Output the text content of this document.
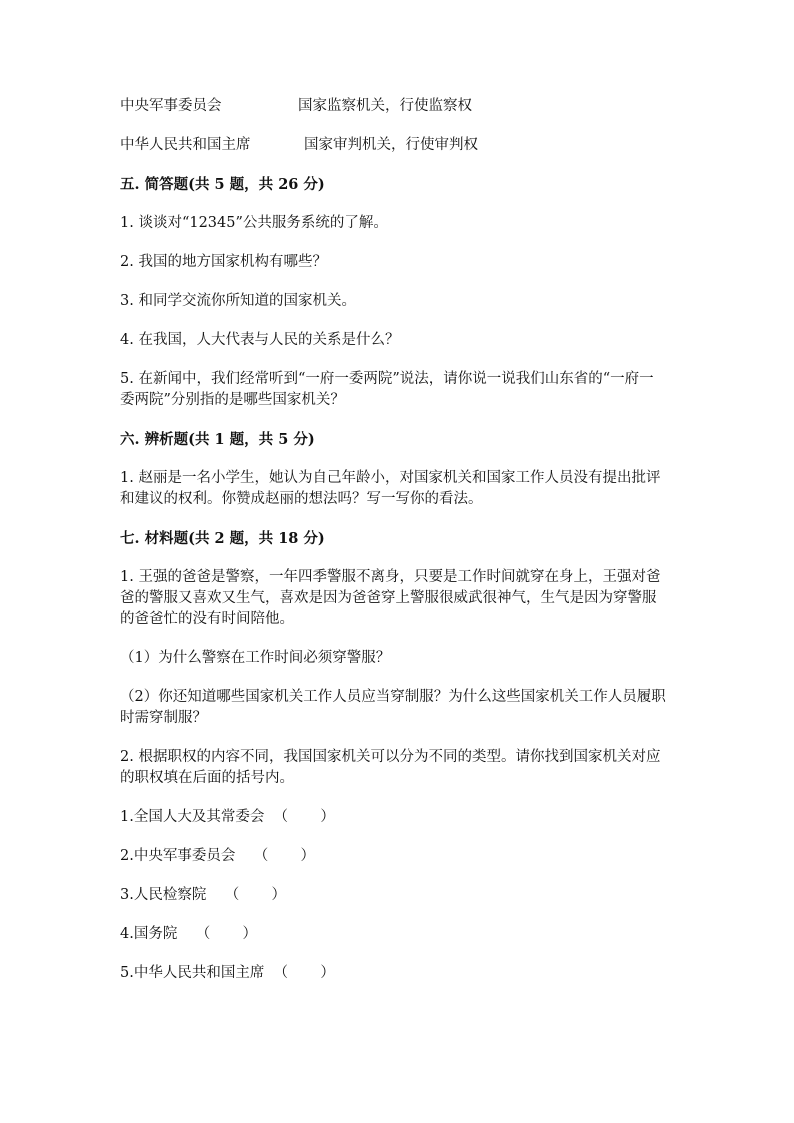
中央军事委员会	国家监察机关，行使监察权
中华人民共和国主席	国家审判机关，行使审判权

五. 简答题(共 5 题，共 26 分)

1. 谈谈对“12345”公共服务系统的了解。

2. 我国的地方国家机构有哪些？

3. 和同学交流你所知道的国家机关。

4. 在我国，人大代表与人民的关系是什么？

5. 在新闻中，我们经常听到“一府一委两院”说法，请你说一说我们山东省的“一府一委两院”分别指的是哪些国家机关？

六. 辨析题(共 1 题，共 5 分)

1. 赵丽是一名小学生，她认为自己年龄小，对国家机关和国家工作人员没有提出批评和建议的权利。你赞成赵丽的想法吗？写一写你的看法。

七. 材料题(共 2 题，共 18 分)

1. 王强的爸爸是警察，一年四季警服不离身，只要是工作时间就穿在身上，王强对爸爸的警服又喜欢又生气，喜欢是因为爸爸穿上警服很威武很神气，生气是因为穿警服的爸爸忙的没有时间陪他。

（1）为什么警察在工作时间必须穿警服？

（2）你还知道哪些国家机关工作人员应当穿制服？为什么这些国家机关工作人员履职时需穿制服？

2. 根据职权的内容不同，我国国家机关可以分为不同的类型。请你找到国家机关对应的职权填在后面的括号内。

1.全国人大及其常委会  （       ）

2.中央军事委员会    （       ）

3.人民检察院    （       ）

4.国务院    （       ）

5.中华人民共和国主席  （       ）
